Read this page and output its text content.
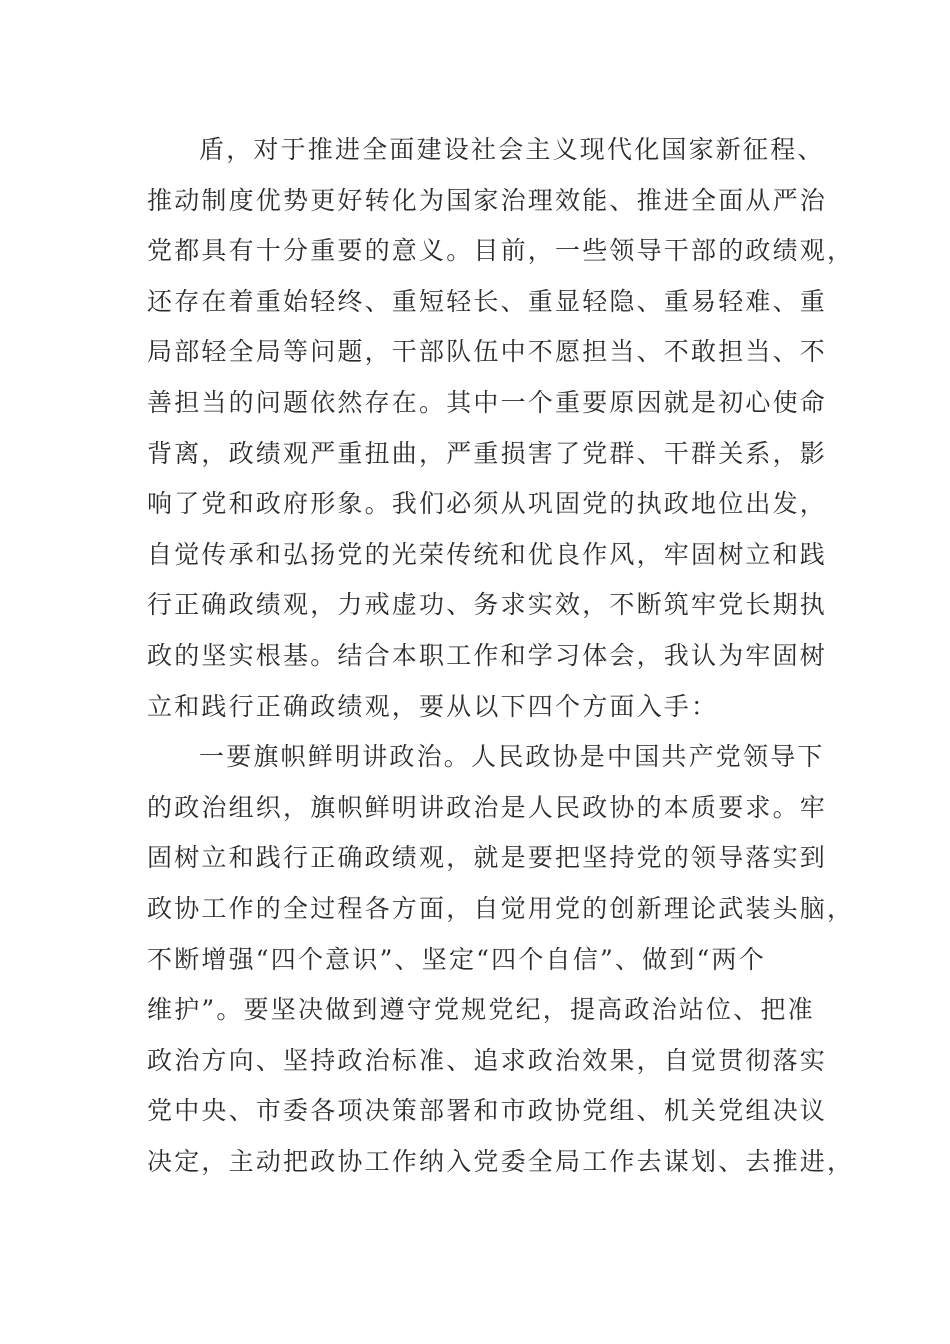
盾，对于推进全面建设社会主义现代化国家新征程、
推动制度优势更好转化为国家治理效能、推进全面从严治
党都具有十分重要的意义。目前，一些领导干部的政绩观，
还存在着重始轻终、重短轻长、重显轻隐、重易轻难、重
局部轻全局等问题，干部队伍中不愿担当、不敢担当、不
善担当的问题依然存在。其中一个重要原因就是初心使命
背离，政绩观严重扭曲，严重损害了党群、干群关系，影
响了党和政府形象。我们必须从巩固党的执政地位出发，
自觉传承和弘扬党的光荣传统和优良作风，牢固树立和践
行正确政绩观，力戒虚功、务求实效，不断筑牢党长期执
政的坚实根基。结合本职工作和学习体会，我认为牢固树
立和践行正确政绩观，要从以下四个方面入手：
一要旗帜鲜明讲政治。人民政协是中国共产党领导下
的政治组织，旗帜鲜明讲政治是人民政协的本质要求。牢
固树立和践行正确政绩观，就是要把坚持党的领导落实到
政协工作的全过程各方面，自觉用党的创新理论武装头脑，
不断增强“四个意识”、坚定“四个自信”、做到“两个
维护”。要坚决做到遵守党规党纪，提高政治站位、把准
政治方向、坚持政治标准、追求政治效果，自觉贯彻落实
党中央、市委各项决策部署和市政协党组、机关党组决议
决定，主动把政协工作纳入党委全局工作去谋划、去推进，
